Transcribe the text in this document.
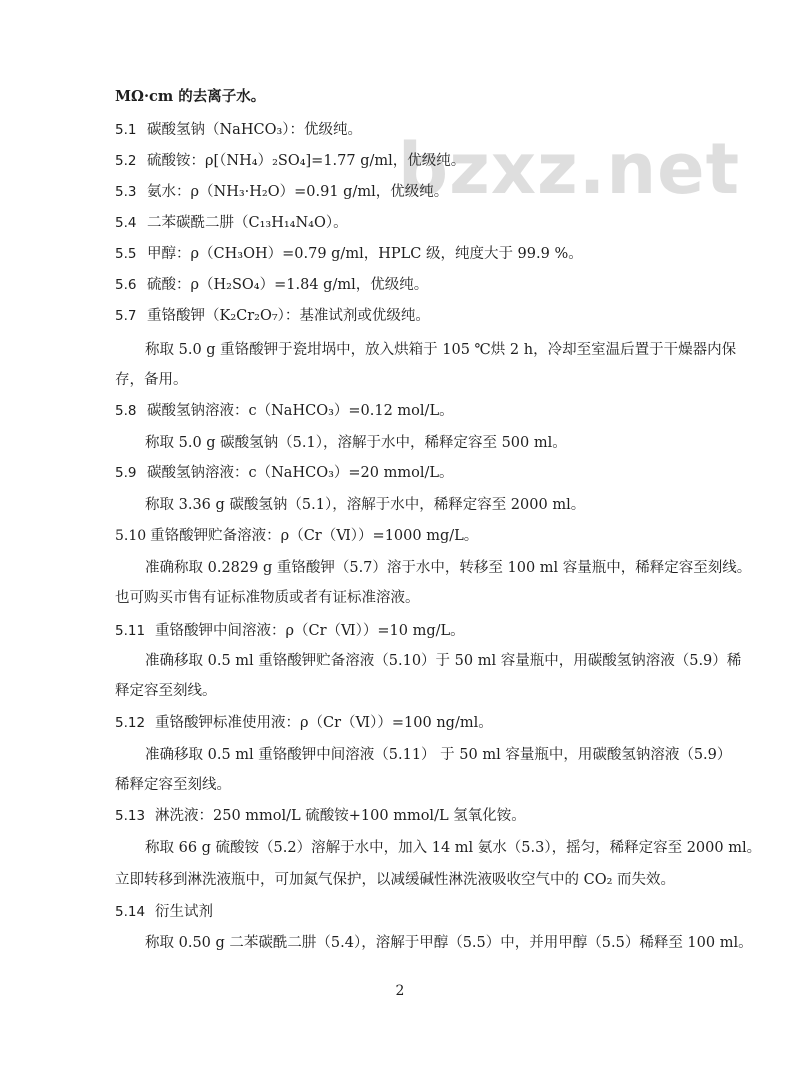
bzxz.net
MΩ·cm 的去离子水。
5.1 碳酸氢钠（NaHCO₃）：优级纯。
5.2 硫酸铵：ρ[（NH₄）₂SO₄]=1.77 g/ml，优级纯。
5.3 氨水：ρ（NH₃·H₂O）=0.91 g/ml，优级纯。
5.4 二苯碳酰二肼（C₁₃H₁₄N₄O）。
5.5 甲醇：ρ（CH₃OH）=0.79 g/ml，HPLC 级，纯度大于 99.9 %。
5.6 硫酸：ρ（H₂SO₄）=1.84 g/ml，优级纯。
5.7 重铬酸钾（K₂Cr₂O₇）：基准试剂或优级纯。
称取 5.0 g 重铬酸钾于瓷坩埚中，放入烘箱于 105 ℃烘 2 h，冷却至室温后置于干燥器内保
存，备用。
5.8 碳酸氢钠溶液：c（NaHCO₃）=0.12 mol/L。
称取 5.0 g 碳酸氢钠（5.1），溶解于水中，稀释定容至 500 ml。
5.9 碳酸氢钠溶液：c（NaHCO₃）=20 mmol/L。
称取 3.36 g 碳酸氢钠（5.1），溶解于水中，稀释定容至 2000 ml。
5.10 重铬酸钾贮备溶液：ρ（Cr（Ⅵ））=1000 mg/L。
准确称取 0.2829 g 重铬酸钾（5.7）溶于水中，转移至 100 ml 容量瓶中，稀释定容至刻线。
也可购买市售有证标准物质或者有证标准溶液。
5.11 重铬酸钾中间溶液：ρ（Cr（Ⅵ））=10 mg/L。
准确移取 0.5 ml 重铬酸钾贮备溶液（5.10）于 50 ml 容量瓶中，用碳酸氢钠溶液（5.9）稀
释定容至刻线。
5.12 重铬酸钾标准使用液：ρ（Cr（Ⅵ））=100 ng/ml。
准确移取 0.5 ml 重铬酸钾中间溶液（5.11） 于 50 ml 容量瓶中，用碳酸氢钠溶液（5.9）
稀释定容至刻线。
5.13 淋洗液：250 mmol/L 硫酸铵+100 mmol/L 氢氧化铵。
称取 66 g 硫酸铵（5.2）溶解于水中，加入 14 ml 氨水（5.3），摇匀，稀释定容至 2000 ml。
立即转移到淋洗液瓶中，可加氮气保护，以减缓碱性淋洗液吸收空气中的 CO₂ 而失效。
5.14 衍生试剂
称取 0.50 g 二苯碳酰二肼（5.4），溶解于甲醇（5.5）中，并用甲醇（5.5）稀释至 100 ml。
2
